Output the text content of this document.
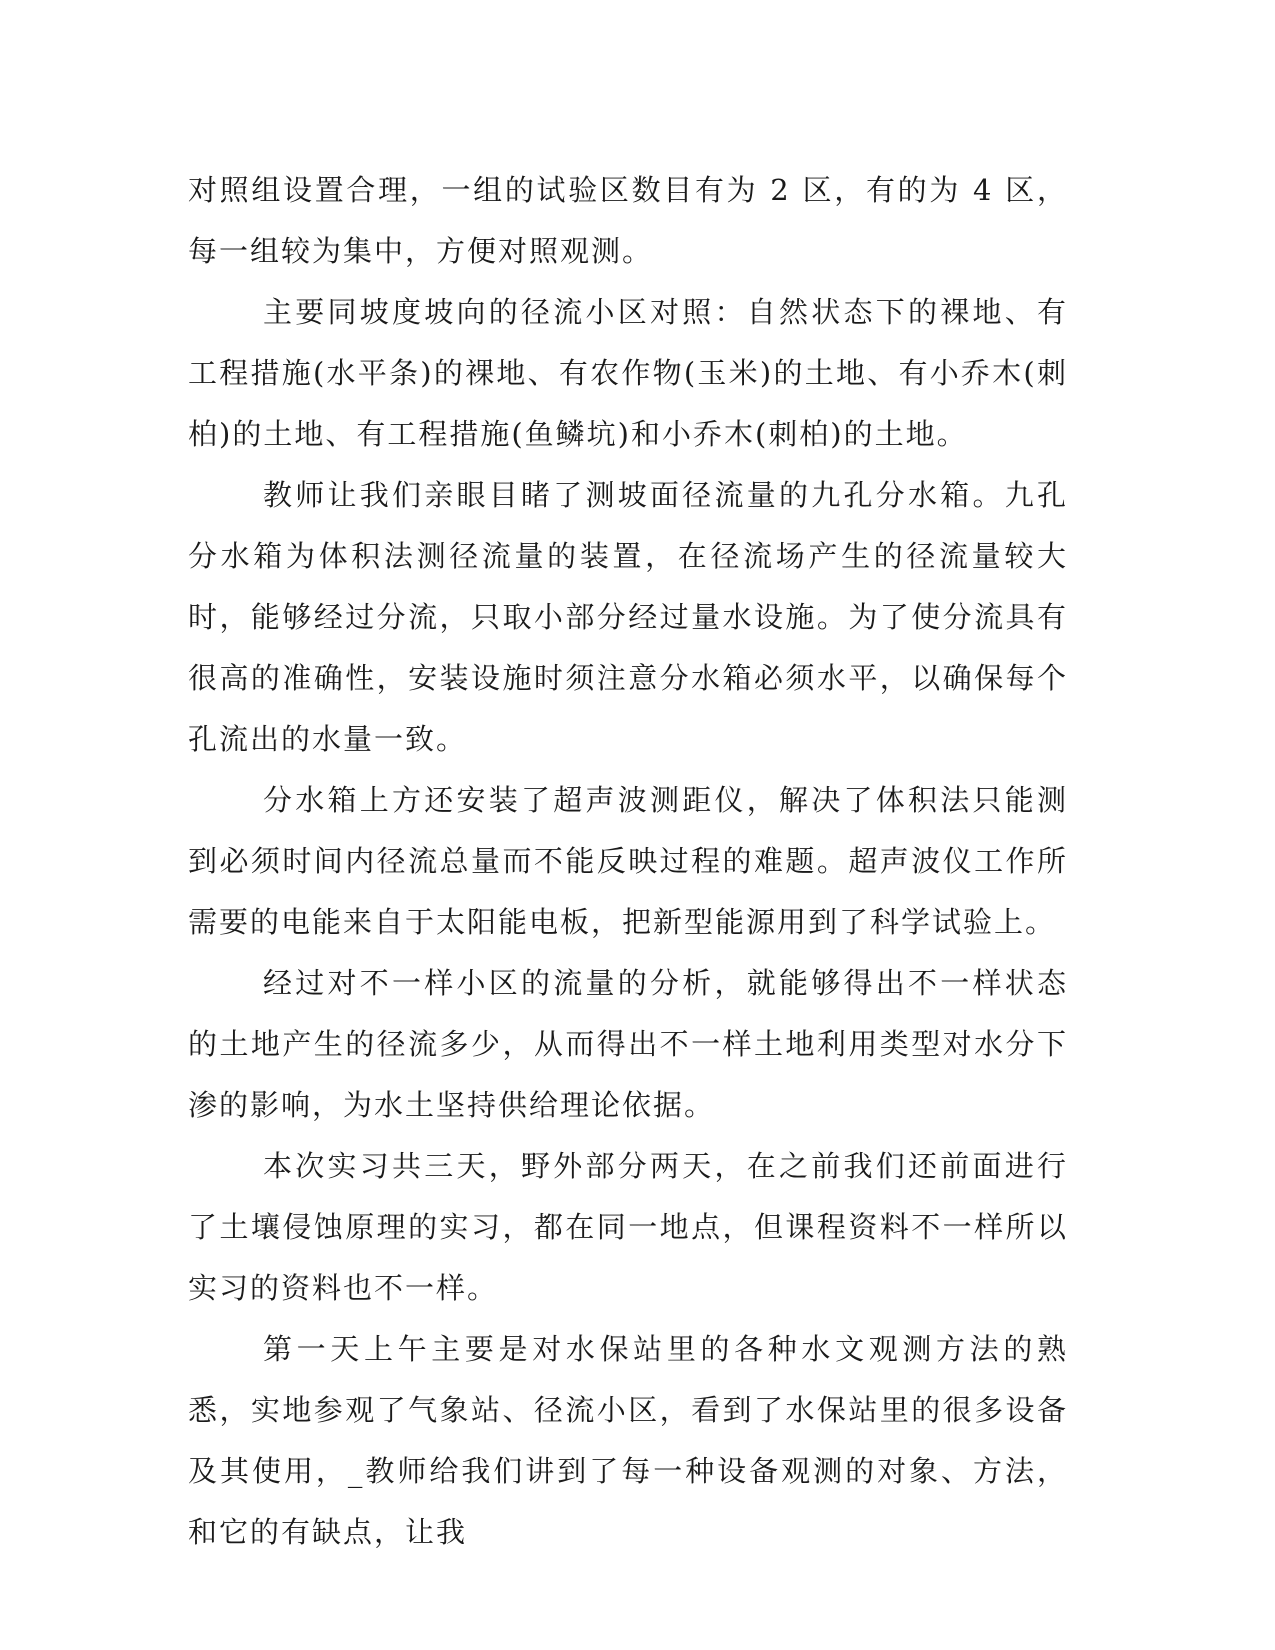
对照组设置合理，一组的试验区数目有为 2 区，有的为 4 区，每一组较为集中，方便对照观测。

主要同坡度坡向的径流小区对照：自然状态下的裸地、有工程措施(水平条)的裸地、有农作物(玉米)的土地、有小乔木(刺柏)的土地、有工程措施(鱼鳞坑)和小乔木(刺柏)的土地。

教师让我们亲眼目睹了测坡面径流量的九孔分水箱。九孔分水箱为体积法测径流量的装置，在径流场产生的径流量较大时，能够经过分流，只取小部分经过量水设施。为了使分流具有很高的准确性，安装设施时须注意分水箱必须水平，以确保每个孔流出的水量一致。

分水箱上方还安装了超声波测距仪，解决了体积法只能测到必须时间内径流总量而不能反映过程的难题。超声波仪工作所需要的电能来自于太阳能电板，把新型能源用到了科学试验上。

经过对不一样小区的流量的分析，就能够得出不一样状态的土地产生的径流多少，从而得出不一样土地利用类型对水分下渗的影响，为水土坚持供给理论依据。

本次实习共三天，野外部分两天，在之前我们还前面进行了土壤侵蚀原理的实习，都在同一地点，但课程资料不一样所以实习的资料也不一样。

第一天上午主要是对水保站里的各种水文观测方法的熟悉，实地参观了气象站、径流小区，看到了水保站里的很多设备及其使用，_教师给我们讲到了每一种设备观测的对象、方法，和它的有缺点，让我
